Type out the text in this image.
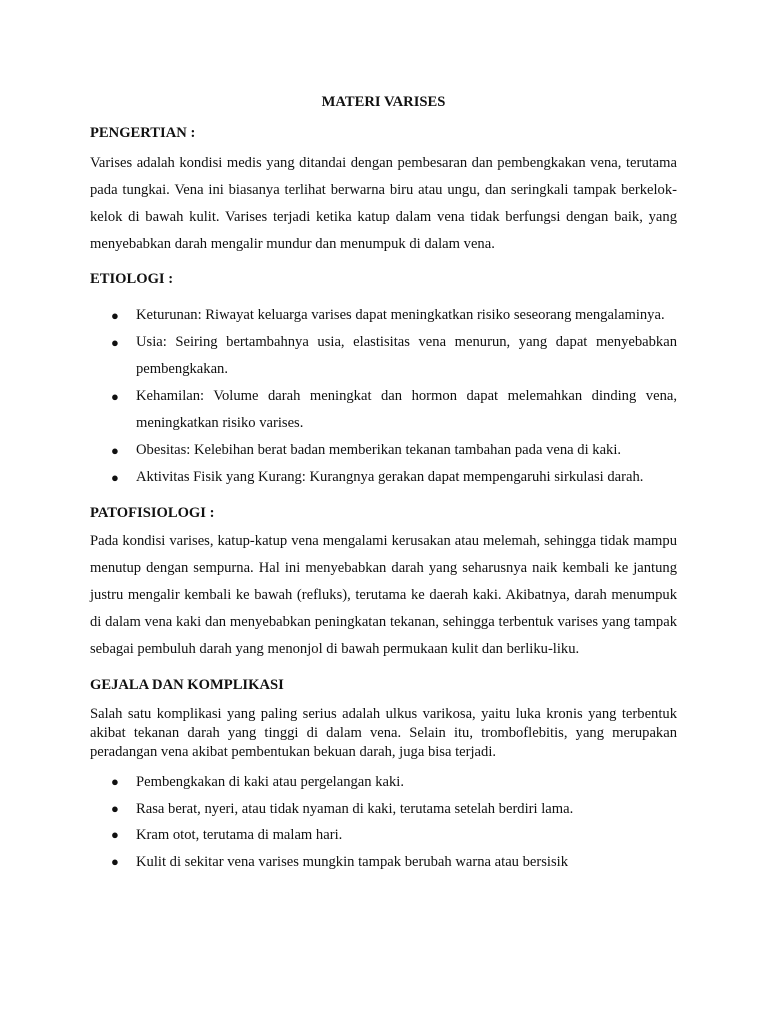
MATERI VARISES
PENGERTIAN :
Varises adalah kondisi medis yang ditandai dengan pembesaran dan pembengkakan vena, terutama pada tungkai. Vena ini biasanya terlihat berwarna biru atau ungu, dan seringkali tampak berkelok-kelok di bawah kulit. Varises terjadi ketika katup dalam vena tidak berfungsi dengan baik, yang menyebabkan darah mengalir mundur dan menumpuk di dalam vena.
ETIOLOGI :
● Keturunan: Riwayat keluarga varises dapat meningkatkan risiko seseorang mengalaminya.
● Usia: Seiring bertambahnya usia, elastisitas vena menurun, yang dapat menyebabkan pembengkakan.
● Kehamilan: Volume darah meningkat dan hormon dapat melemahkan dinding vena, meningkatkan risiko varises.
● Obesitas: Kelebihan berat badan memberikan tekanan tambahan pada vena di kaki.
● Aktivitas Fisik yang Kurang: Kurangnya gerakan dapat mempengaruhi sirkulasi darah.
PATOFISIOLOGI :
Pada kondisi varises, katup-katup vena mengalami kerusakan atau melemah, sehingga tidak mampu menutup dengan sempurna. Hal ini menyebabkan darah yang seharusnya naik kembali ke jantung justru mengalir kembali ke bawah (refluks), terutama ke daerah kaki. Akibatnya, darah menumpuk di dalam vena kaki dan menyebabkan peningkatan tekanan, sehingga terbentuk varises yang tampak sebagai pembuluh darah yang menonjol di bawah permukaan kulit dan berliku-liku.
GEJALA DAN KOMPLIKASI
Salah satu komplikasi yang paling serius adalah ulkus varikosa, yaitu luka kronis yang terbentuk akibat tekanan darah yang tinggi di dalam vena. Selain itu, tromboflebitis, yang merupakan peradangan vena akibat pembentukan bekuan darah, juga bisa terjadi.
● Pembengkakan di kaki atau pergelangan kaki.
● Rasa berat, nyeri, atau tidak nyaman di kaki, terutama setelah berdiri lama.
● Kram otot, terutama di malam hari.
● Kulit di sekitar vena varises mungkin tampak berubah warna atau bersisik
